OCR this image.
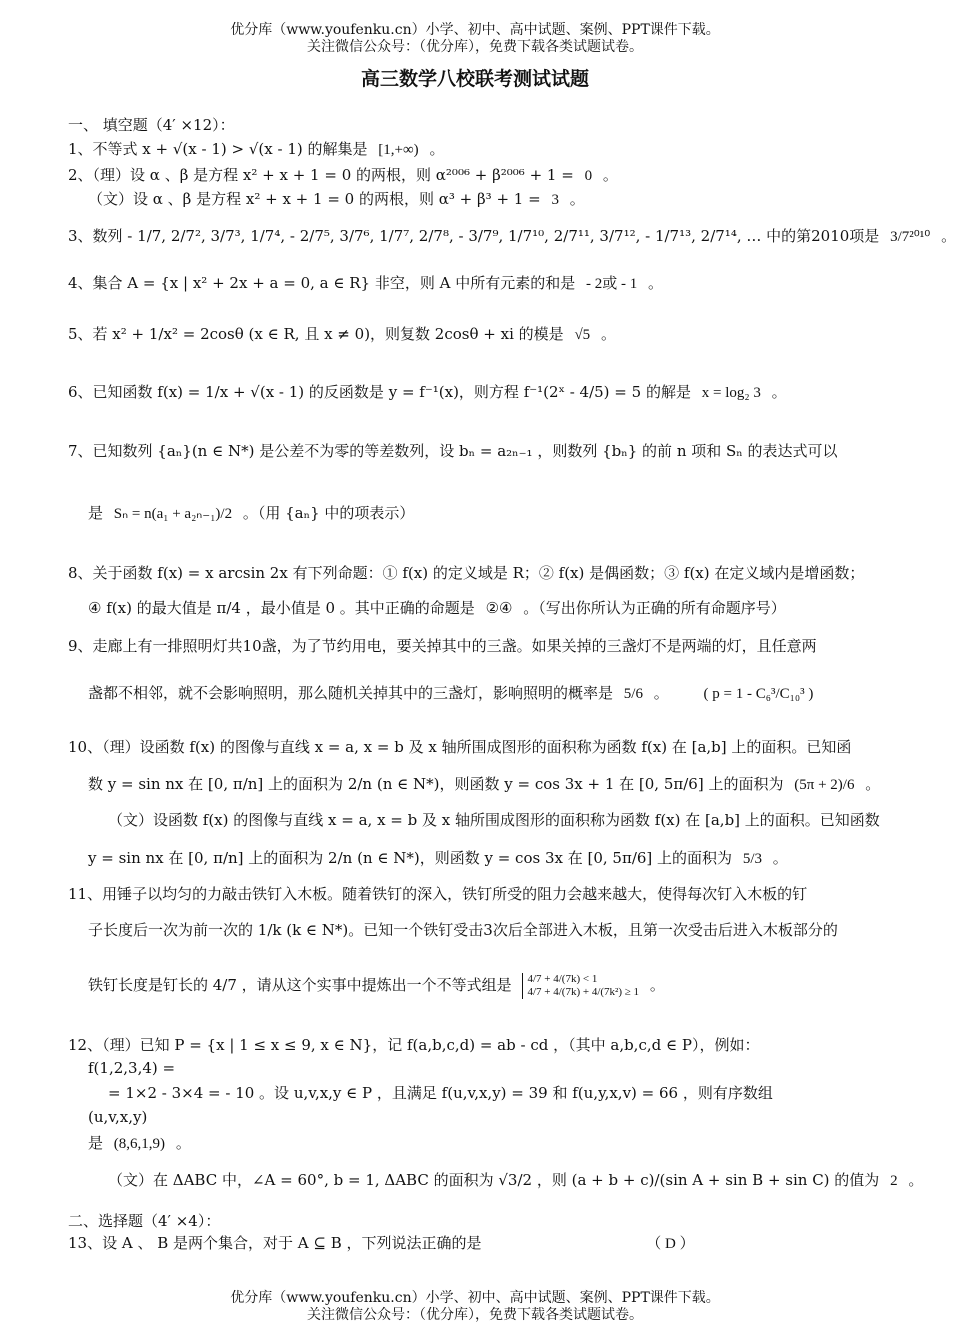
优分库（www.youfenku.cn）小学、初中、高中试题、案例、PPT课件下载。
关注微信公众号：（优分库），免费下载各类试题试卷。
高三数学八校联考测试试题
一、 填空题（4′ ×12）：
1、不等式 x + √(x - 1) > √(x - 1) 的解集是 [1,+∞) 。
2、（理）设 α 、β 是方程 x² + x + 1 = 0 的两根，则 α²⁰⁰⁶ + β²⁰⁰⁶ + 1 = 0 。
（文）设 α 、β 是方程 x² + x + 1 = 0 的两根，则 α³ + β³ + 1 = 3 。
3、数列 - 1/7, 2/7², 3/7³, 1/7⁴, - 2/7⁵, 3/7⁶, 1/7⁷, 2/7⁸, - 3/7⁹, 1/7¹⁰, 2/7¹¹, 3/7¹², - 1/7¹³, 2/7¹⁴, … 中的第2010项是 3/7²⁰¹⁰ 。
4、集合 A = {x | x² + 2x + a = 0, a ∈ R} 非空，则 A 中所有元素的和是 - 2或 - 1 。
5、若 x² + 1/x² = 2cosθ (x ∈ R, 且 x ≠ 0)，则复数 2cosθ + xi 的模是 √5 。
6、已知函数 f(x) = 1/x + √(x - 1) 的反函数是 y = f⁻¹(x)，则方程 f⁻¹(2ˣ - 4/5) = 5 的解是 x = log₂ 3 。
7、已知数列 {aₙ}(n ∈ N*) 是公差不为零的等差数列，设 bₙ = a₂ₙ₋₁ ，则数列 {bₙ} 的前 n 项和 Sₙ 的表达式可以
是 Sₙ = n(a₁ + a₂ₙ₋₁)/2 。（用 {aₙ} 中的项表示）
8、关于函数 f(x) = x arcsin 2x 有下列命题：① f(x) 的定义域是 R；② f(x) 是偶函数；③ f(x) 在定义域内是增函数；
④ f(x) 的最大值是 π/4 ，最小值是 0 。其中正确的命题是 ②④ 。（写出你所认为正确的所有命题序号）
9、走廊上有一排照明灯共10盏，为了节约用电，要关掉其中的三盏。如果关掉的三盏灯不是两端的灯，且任意两
盏都不相邻，就不会影响照明，那么随机关掉其中的三盏灯，影响照明的概率是 5/6 。 ( p = 1 - C₆³/C₁₀³ )
10、（理）设函数 f(x) 的图像与直线 x = a, x = b 及 x 轴所围成图形的面积称为函数 f(x) 在 [a,b] 上的面积。已知函
数 y = sin nx 在 [0, π/n] 上的面积为 2/n (n ∈ N*)，则函数 y = cos 3x + 1 在 [0, 5π/6] 上的面积为 (5π + 2)/6 。
（文）设函数 f(x) 的图像与直线 x = a, x = b 及 x 轴所围成图形的面积称为函数 f(x) 在 [a,b] 上的面积。已知函数
y = sin nx 在 [0, π/n] 上的面积为 2/n (n ∈ N*)，则函数 y = cos 3x 在 [0, 5π/6] 上的面积为 5/3 。
11、用锤子以均匀的力敲击铁钉入木板。随着铁钉的深入，铁钉所受的阻力会越来越大，使得每次钉入木板的钉
子长度后一次为前一次的 1/k (k ∈ N*)。已知一个铁钉受击3次后全部进入木板，且第一次受击后进入木板部分的
铁钉长度是钉长的 4/7 ，请从这个实事中提炼出一个不等式组是 4/7 + 4/(7k) < 1
4/7 + 4/(7k) + 4/(7k²) ≥ 1 。
12、（理）已知 P = {x | 1 ≤ x ≤ 9, x ∈ N}，记 f(a,b,c,d) = ab - cd ，（其中 a,b,c,d ∈ P），例如：
f(1,2,3,4) =
= 1×2 - 3×4 = - 10 。设 u,v,x,y ∈ P ，且满足 f(u,v,x,y) = 39 和 f(u,y,x,v) = 66 ，则有序数组
(u,v,x,y)
是 (8,6,1,9) 。
（文）在 ΔABC 中，∠A = 60°, b = 1, ΔABC 的面积为 √3/2 ，则 (a + b + c)/(sin A + sin B + sin C) 的值为 2 。
二、选择题（4′ ×4）：
13、设 A 、 B 是两个集合，对于 A ⊆ B ，下列说法正确的是	（ D ）
优分库（www.youfenku.cn）小学、初中、高中试题、案例、PPT课件下载。
关注微信公众号：（优分库），免费下载各类试题试卷。
